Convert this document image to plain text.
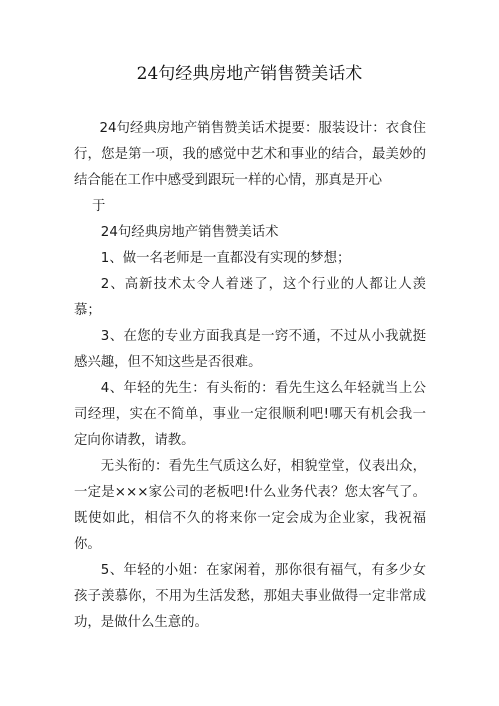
24句经典房地产销售赞美话术

24句经典房地产销售赞美话术提要：服装设计：衣食住行，您是第一项，我的感觉中艺术和事业的结合，最美妙的结合能在工作中感受到跟玩一样的心情，那真是开心

于

24句经典房地产销售赞美话术

1、做一名老师是一直都没有实现的梦想；

2、高新技术太令人着迷了，这个行业的人都让人羡慕；

3、在您的专业方面我真是一窍不通，不过从小我就挺感兴趣，但不知这些是否很难。

4、年轻的先生：有头衔的：看先生这么年轻就当上公司经理，实在不简单，事业一定很顺利吧!哪天有机会我一定向你请教，请教。

无头衔的：看先生气质这么好，相貌堂堂，仪表出众，一定是×××家公司的老板吧!什么业务代表？您太客气了。既使如此，相信不久的将来你一定会成为企业家，我祝福你。

5、年轻的小姐：在家闲着，那你很有福气，有多少女孩子羡慕你，不用为生活发愁，那姐夫事业做得一定非常成功，是做什么生意的。
